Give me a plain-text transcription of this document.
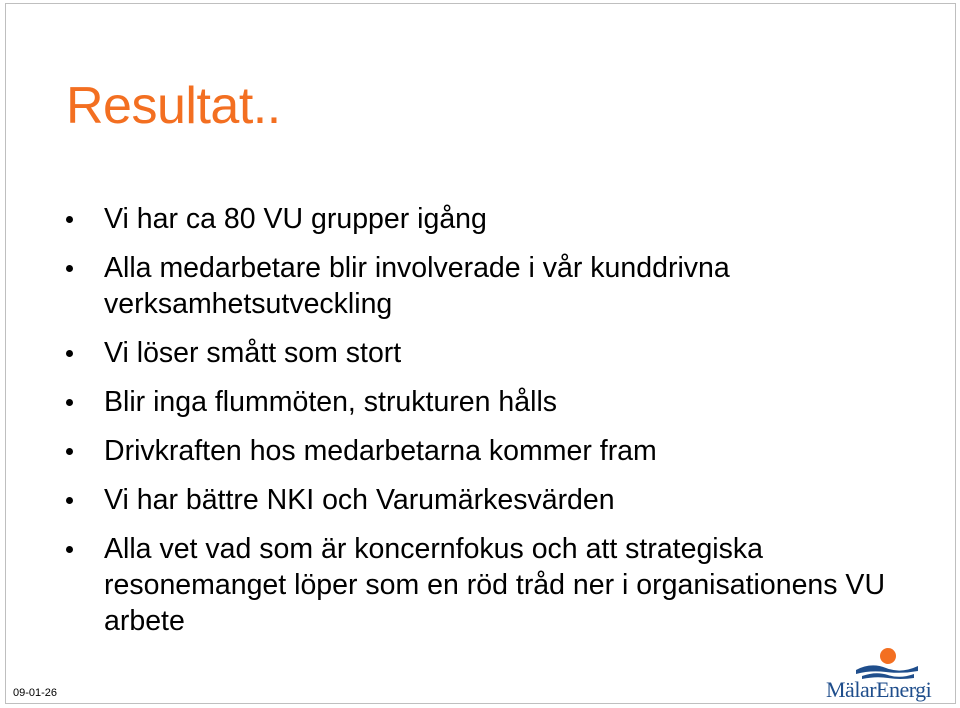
Resultat..
Vi har ca 80 VU grupper igång
Alla medarbetare blir involverade i vår kunddrivna verksamhetsutveckling
Vi löser smått som stort
Blir inga flummöten, strukturen hålls
Drivkraften hos medarbetarna kommer fram
Vi har bättre NKI och Varumärkesvärden
Alla vet vad som är koncernfokus och att strategiska resonemanget löper som en röd tråd ner i organisationens VU arbete
09-01-26	MälarEnergi
